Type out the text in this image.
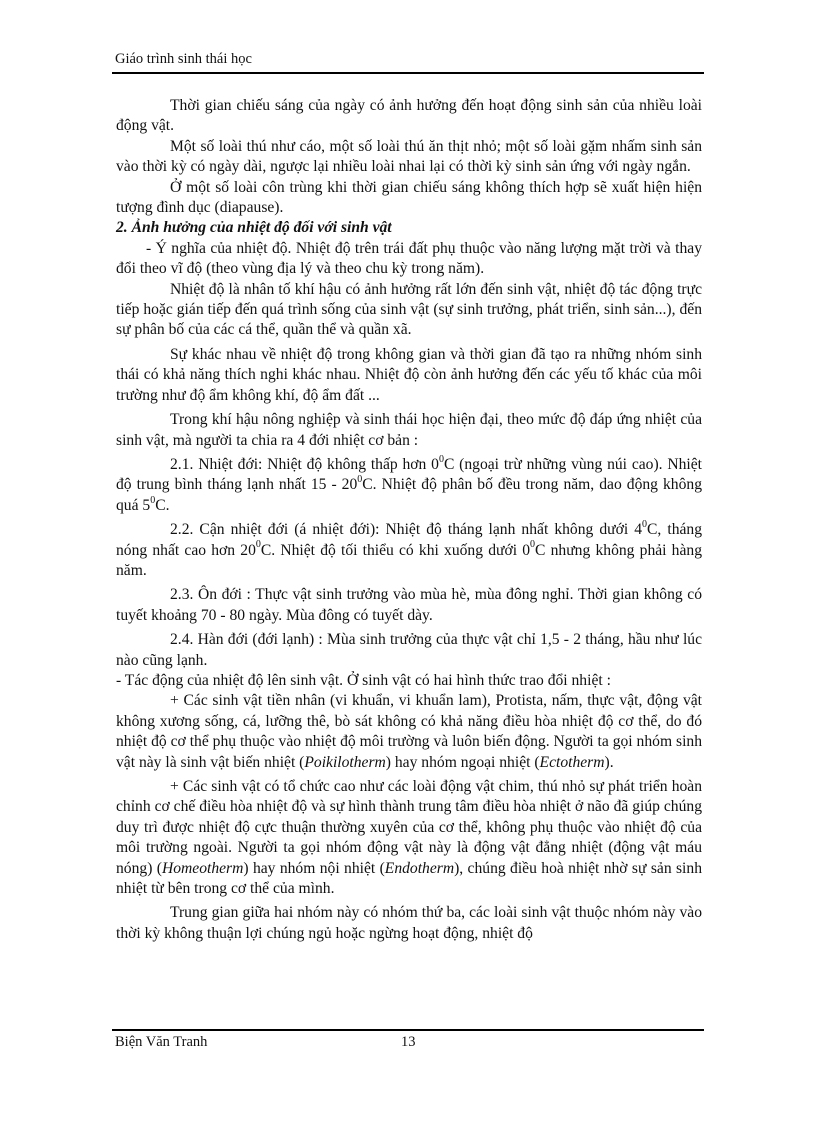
Giáo trình sinh thái học

Thời gian chiếu sáng của ngày có ảnh hưởng đến hoạt động sinh sản của nhiều loài động vật.

Một số loài thú như cáo, một số loài thú ăn thịt nhỏ; một số loài gặm nhấm sinh sản vào thời kỳ có ngày dài, ngược lại nhiều loài nhai lại có thời kỳ sinh sản ứng với ngày ngắn.

Ở một số loài côn trùng khi thời gian chiếu sáng không thích hợp sẽ xuất hiện hiện tượng đình dục (diapause).

2. Ảnh hưởng của nhiệt độ đối với sinh vật

- Ý nghĩa của nhiệt độ. Nhiệt độ trên trái đất phụ thuộc vào năng lượng mặt trời và thay đổi theo vĩ độ (theo vùng địa lý và theo chu kỳ trong năm).

Nhiệt độ là nhân tố khí hậu có ảnh hưởng rất lớn đến sinh vật, nhiệt độ tác động trực tiếp hoặc gián tiếp đến quá trình sống của sinh vật (sự sinh trưởng, phát triển, sinh sản...), đến sự phân bố của các cá thể, quần thể và quần xã.

Sự khác nhau về nhiệt độ trong không gian và thời gian đã tạo ra những nhóm sinh thái có khả năng thích nghi khác nhau. Nhiệt độ còn ảnh hưởng đến các yếu tố khác của môi trường như độ ẩm không khí, độ ẩm đất ...

Trong khí hậu nông nghiệp và sinh thái học hiện đại, theo mức độ đáp ứng nhiệt của sinh vật, mà người ta chia ra 4 đới nhiệt cơ bản :

2.1. Nhiệt đới: Nhiệt độ không thấp hơn $0^0C$ (ngoại trừ những vùng núi cao). Nhiệt độ trung bình tháng lạnh nhất $15 - 20^0C$. Nhiệt độ phân bố đều trong năm, dao động không quá $5^0C$.

2.2. Cận nhiệt đới (á nhiệt đới): Nhiệt độ tháng lạnh nhất không dưới $4^0C$, tháng nóng nhất cao hơn $20^0C$. Nhiệt độ tối thiểu có khi xuống dưới $0^0C$ nhưng không phải hàng năm.

2.3. Ôn đới : Thực vật sinh trưởng vào mùa hè, mùa đông nghỉ. Thời gian không có tuyết khoảng 70 - 80 ngày. Mùa đông có tuyết dày.

2.4. Hàn đới (đới lạnh) : Mùa sinh trưởng của thực vật chỉ 1,5 - 2 tháng, hầu như lúc nào cũng lạnh.

- Tác động của nhiệt độ lên sinh vật. Ở sinh vật có hai hình thức trao đổi nhiệt :

+ Các sinh vật tiền nhân (vi khuẩn, vi khuẩn lam), Protista, nấm, thực vật, động vật không xương sống, cá, lưỡng thê, bò sát không có khả năng điều hòa nhiệt độ cơ thể, do đó nhiệt độ cơ thể phụ thuộc vào nhiệt độ môi trường và luôn biến động. Người ta gọi nhóm sinh vật này là sinh vật biến nhiệt (Poikilotherm) hay nhóm ngoại nhiệt (Ectotherm).

+ Các sinh vật có tổ chức cao như các loài động vật chim, thú nhỏ sự phát triển hoàn chỉnh cơ chế điều hòa nhiệt độ và sự hình thành trung tâm điều hòa nhiệt ở não đã giúp chúng duy trì được nhiệt độ cực thuận thường xuyên của cơ thể, không phụ thuộc vào nhiệt độ của môi trường ngoài. Người ta gọi nhóm động vật này là động vật đẳng nhiệt (động vật máu nóng) (Homeotherm) hay nhóm nội nhiệt (Endotherm), chúng điều hoà nhiệt nhờ sự sản sinh nhiệt từ bên trong cơ thể của mình.

Trung gian giữa hai nhóm này có nhóm thứ ba, các loài sinh vật thuộc nhóm này vào thời kỳ không thuận lợi chúng ngủ hoặc ngừng hoạt động, nhiệt độ

Biện Văn Tranh	13
